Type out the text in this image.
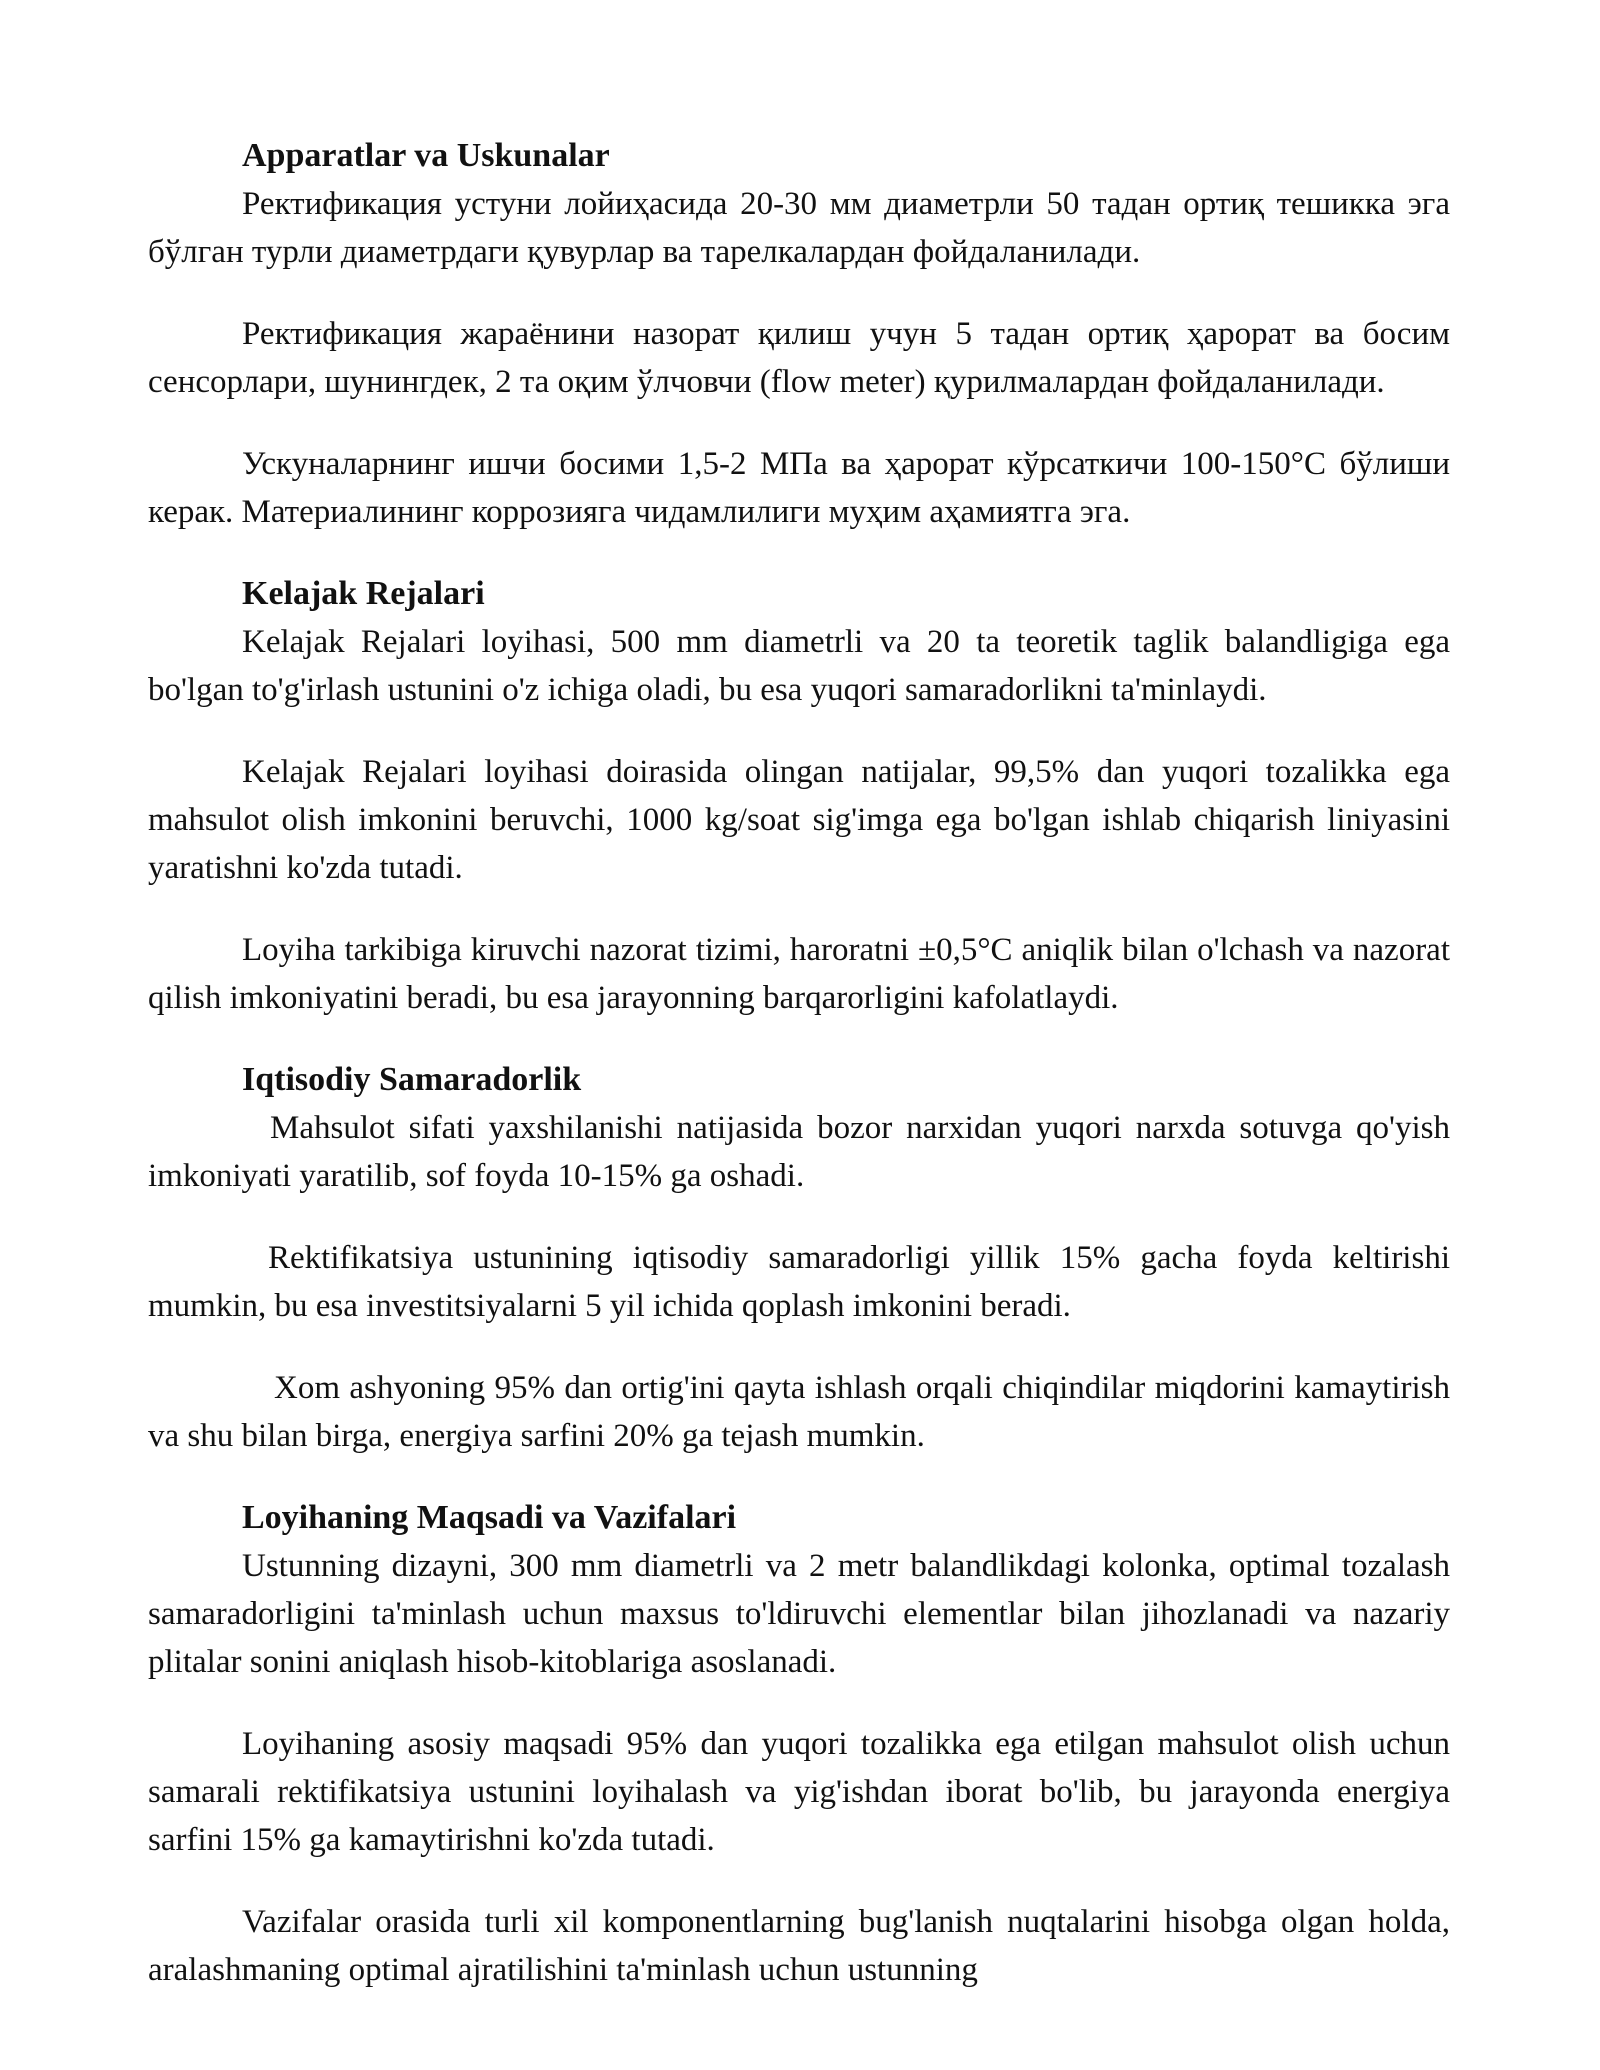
Apparatlar va Uskunalar

Ректификация устуни лойиҳасида 20-30 мм диаметрли 50 тадан ортиқ тешикка эга бўлган турли диаметрдаги қувурлар ва тарелкалардан фойдаланилади.

Ректификация жараёнини назорат қилиш учун 5 тадан ортиқ ҳарорат ва босим сенсорлари, шунингдек, 2 та оқим ўлчовчи (flow meter) қурилмалардан фойдаланилади.

Ускуналарнинг ишчи босими 1,5-2 МПа ва ҳарорат кўрсаткичи 100-150°C бўлиши керак. Материалининг коррозияга чидамлилиги муҳим аҳамиятга эга.

Kelajak Rejalari

Kelajak Rejalari loyihasi, 500 mm diametrli va 20 ta teoretik taglik balandligiga ega bo'lgan to'g'irlash ustunini o'z ichiga oladi, bu esa yuqori samaradorlikni ta'minlaydi.

Kelajak Rejalari loyihasi doirasida olingan natijalar, 99,5% dan yuqori tozalikka ega mahsulot olish imkonini beruvchi, 1000 kg/soat sig'imga ega bo'lgan ishlab chiqarish liniyasini yaratishni ko'zda tutadi.

Loyiha tarkibiga kiruvchi nazorat tizimi, haroratni ±0,5°C aniqlik bilan o'lchash va nazorat qilish imkoniyatini beradi, bu esa jarayonning barqarorligini kafolatlaydi.

Iqtisodiy Samaradorlik

Mahsulot sifati yaxshilanishi natijasida bozor narxidan yuqori narxda sotuvga qo'yish imkoniyati yaratilib, sof foyda 10-15% ga oshadi.

Rektifikatsiya ustunining iqtisodiy samaradorligi yillik 15% gacha foyda keltirishi mumkin, bu esa investitsiyalarni 5 yil ichida qoplash imkonini beradi.

Xom ashyoning 95% dan ortig'ini qayta ishlash orqali chiqindilar miqdorini kamaytirish va shu bilan birga, energiya sarfini 20% ga tejash mumkin.

Loyihaning Maqsadi va Vazifalari

Ustunning dizayni, 300 mm diametrli va 2 metr balandlikdagi kolonka, optimal tozalash samaradorligini ta'minlash uchun maxsus to'ldiruvchi elementlar bilan jihozlanadi va nazariy plitalar sonini aniqlash hisob-kitoblariga asoslanadi.

Loyihaning asosiy maqsadi 95% dan yuqori tozalikka ega etilgan mahsulot olish uchun samarali rektifikatsiya ustunini loyihalash va yig'ishdan iborat bo'lib, bu jarayonda energiya sarfini 15% ga kamaytirishni ko'zda tutadi.

Vazifalar orasida turli xil komponentlarning bug'lanish nuqtalarini hisobga olgan holda, aralashmaning optimal ajratilishini ta'minlash uchun ustunning
